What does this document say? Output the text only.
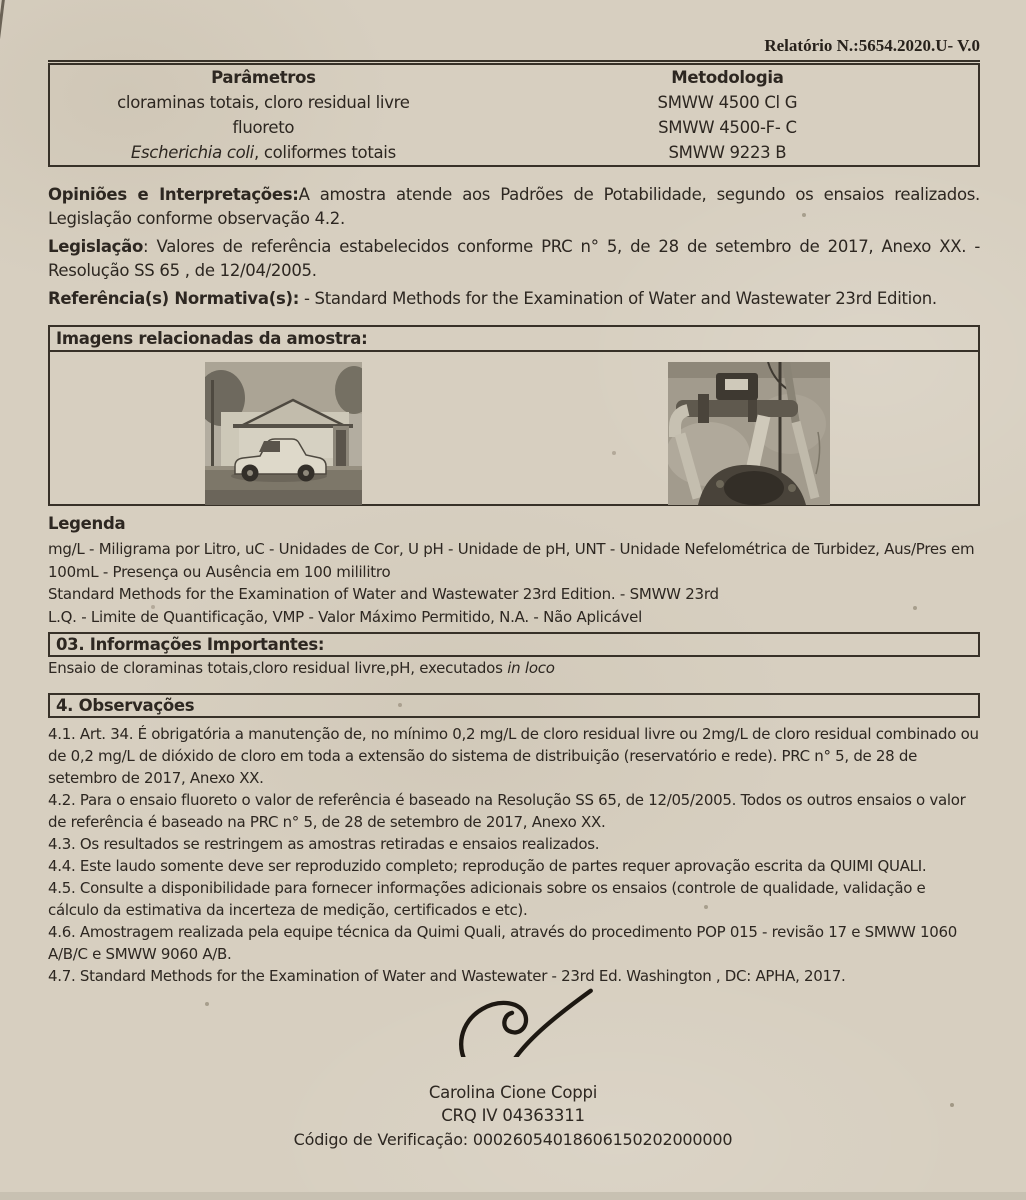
Relatório N.:5654.2020.U- V.0
Parâmetros	Metodologia
cloraminas totais, cloro residual livre	SMWW 4500 Cl G
fluoreto	SMWW 4500-F- C
Escherichia coli, coliformes totais	SMWW 9223 B

Opiniões e Interpretações:A amostra atende aos Padrões de Potabilidade, segundo os ensaios realizados. Legislação conforme observação 4.2.

Legislação: Valores de referência estabelecidos conforme PRC n° 5, de 28 de setembro de 2017, Anexo XX. - Resolução SS 65 , de 12/04/2005.

Referência(s) Normativa(s): - Standard Methods for the Examination of Water and Wastewater 23rd Edition.

Imagens relacionadas da amostra:
Legenda

mg/L - Miligrama por Litro, uC - Unidades de Cor, U pH - Unidade de pH, UNT - Unidade Nefelométrica de Turbidez, Aus/Pres em 100mL - Presença ou Ausência em 100 mililitro

Standard Methods for the Examination of Water and Wastewater 23rd Edition. - SMWW 23rd

L.Q. - Limite de Quantificação, VMP - Valor Máximo Permitido, N.A. - Não Aplicável

03. Informações Importantes:

Ensaio de cloraminas totais,cloro residual livre,pH, executados in loco

4. Observações

4.1. Art. 34. É obrigatória a manutenção de, no mínimo 0,2 mg/L de cloro residual livre ou 2mg/L de cloro residual combinado ou de 0,2 mg/L de dióxido de cloro em toda a extensão do sistema de distribuição (reservatório e rede). PRC n° 5, de 28 de setembro de 2017, Anexo XX.

4.2. Para o ensaio fluoreto o valor de referência é baseado na Resolução SS 65, de 12/05/2005. Todos os outros ensaios o valor de referência é baseado na PRC n° 5, de 28 de setembro de 2017, Anexo XX.

4.3. Os resultados se restringem as amostras retiradas e ensaios realizados.

4.4. Este laudo somente deve ser reproduzido completo; reprodução de partes requer aprovação escrita da QUIMI QUALI.

4.5. Consulte a disponibilidade para fornecer informações adicionais sobre os ensaios (controle de qualidade, validação e cálculo da estimativa da incerteza de medição, certificados e etc).

4.6. Amostragem realizada pela equipe técnica da Quimi Quali, através do procedimento POP 015 - revisão 17 e SMWW 1060 A/B/C e SMWW 9060 A/B.

4.7. Standard Methods for the Examination of Water and Wastewater - 23rd Ed. Washington , DC: APHA, 2017.

Carolina Cione Coppi
CRQ IV 04363311
Código de Verificação: 00026054018606150202000000
